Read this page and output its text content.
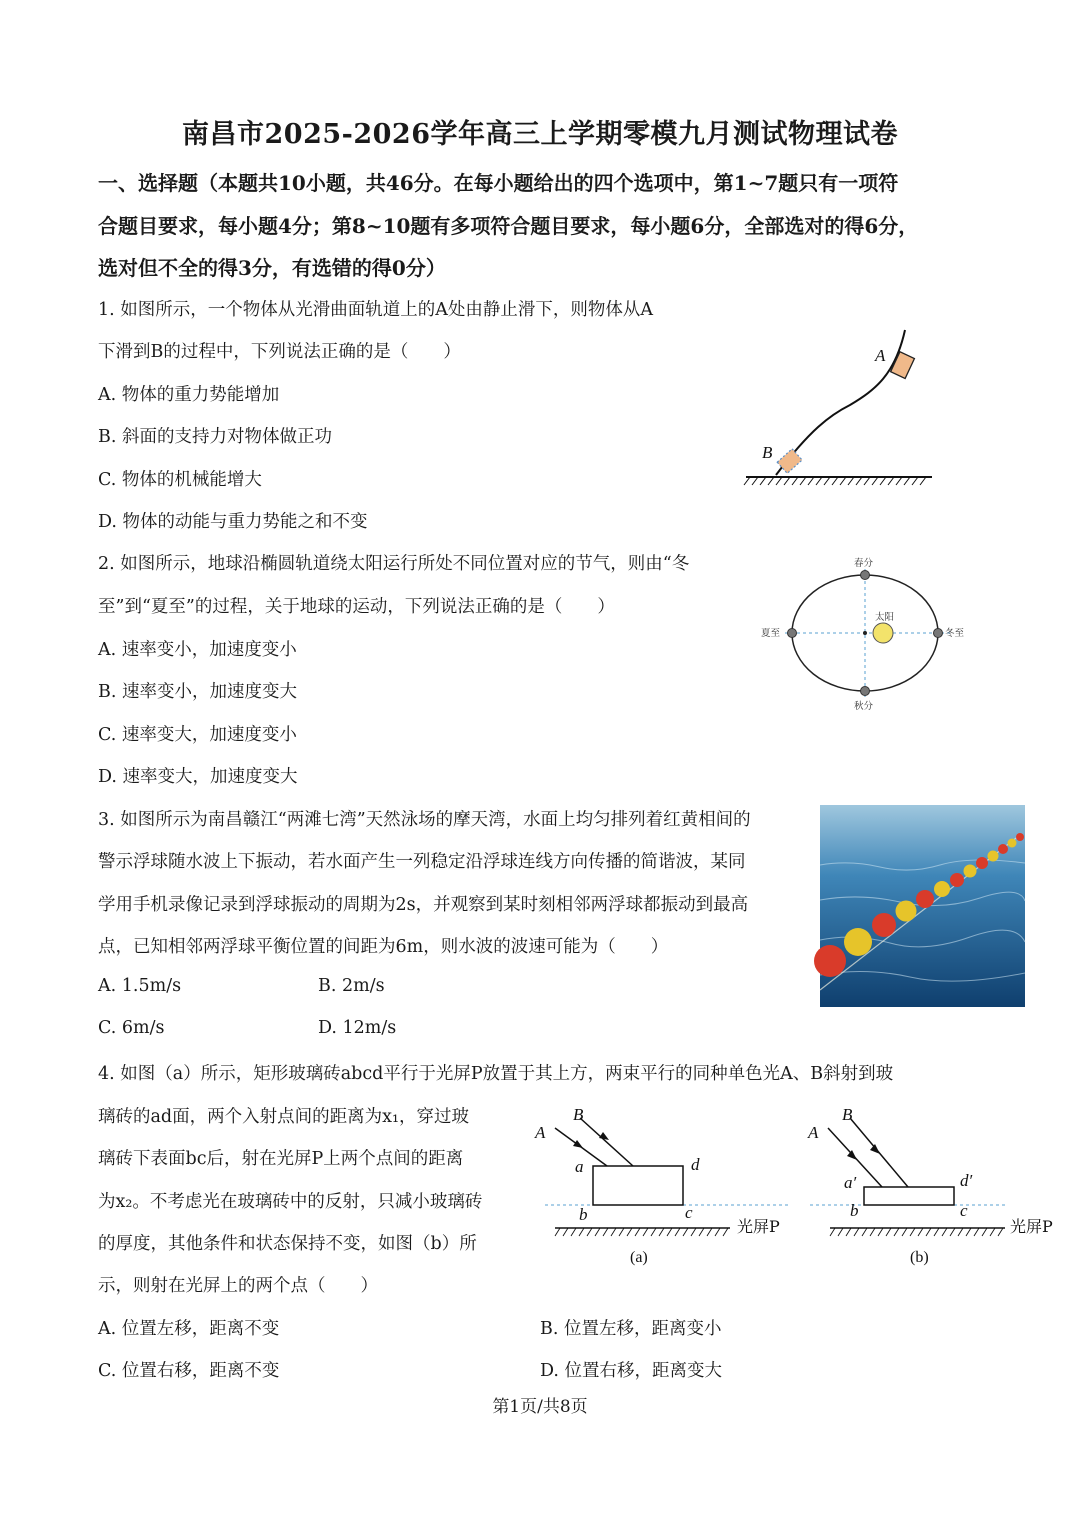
南昌市2025-2026学年高三上学期零模九月测试物理试卷
一、选择题（本题共10小题，共46分。在每小题给出的四个选项中，第1~7题只有一项符
合题目要求，每小题4分；第8~10题有多项符合题目要求，每小题6分，全部选对的得6分，
选对但不全的得3分，有选错的得0分）
1. 如图所示，一个物体从光滑曲面轨道上的A处由静止滑下，则物体从A
下滑到B的过程中，下列说法正确的是（　　）
A. 物体的重力势能增加
B. 斜面的支持力对物体做正功
C. 物体的机械能增大
D. 物体的动能与重力势能之和不变
A
B
2. 如图所示，地球沿椭圆轨道绕太阳运行所处不同位置对应的节气，则由“冬
至”到“夏至”的过程，关于地球的运动，下列说法正确的是（　　）
A. 速率变小，加速度变小
B. 速率变小，加速度变大
C. 速率变大，加速度变小
D. 速率变大，加速度变大
春分
秋分
夏至	冬至
太阳
3. 如图所示为南昌赣江“两滩七湾”天然泳场的摩天湾，水面上均匀排列着红黄相间的
警示浮球随水波上下振动，若水面产生一列稳定沿浮球连线方向传播的简谐波，某同
学用手机录像记录到浮球振动的周期为2s，并观察到某时刻相邻两浮球都振动到最高
点，已知相邻两浮球平衡位置的间距为6m，则水波的波速可能为（　　）
A. 1.5m/s	B. 2m/s
C. 6m/s	D. 12m/s
4. 如图（a）所示，矩形玻璃砖abcd平行于光屏P放置于其上方，两束平行的同种单色光A、B斜射到玻
璃砖的ad面，两个入射点间的距离为x₁，穿过玻
璃砖下表面bc后，射在光屏P上两个点间的距离
为x₂。不考虑光在玻璃砖中的反射，只减小玻璃砖
的厚度，其他条件和状态保持不变，如图（b）所
示，则射在光屏上的两个点（　　）
A. 位置左移，距离不变	B. 位置左移，距离变小
C. 位置右移，距离不变	D. 位置右移，距离变大
A
B
a	d
b	c
光屏P
(a)
A
B
a′	d′
b	c
光屏P
(b)
第1页/共8页
